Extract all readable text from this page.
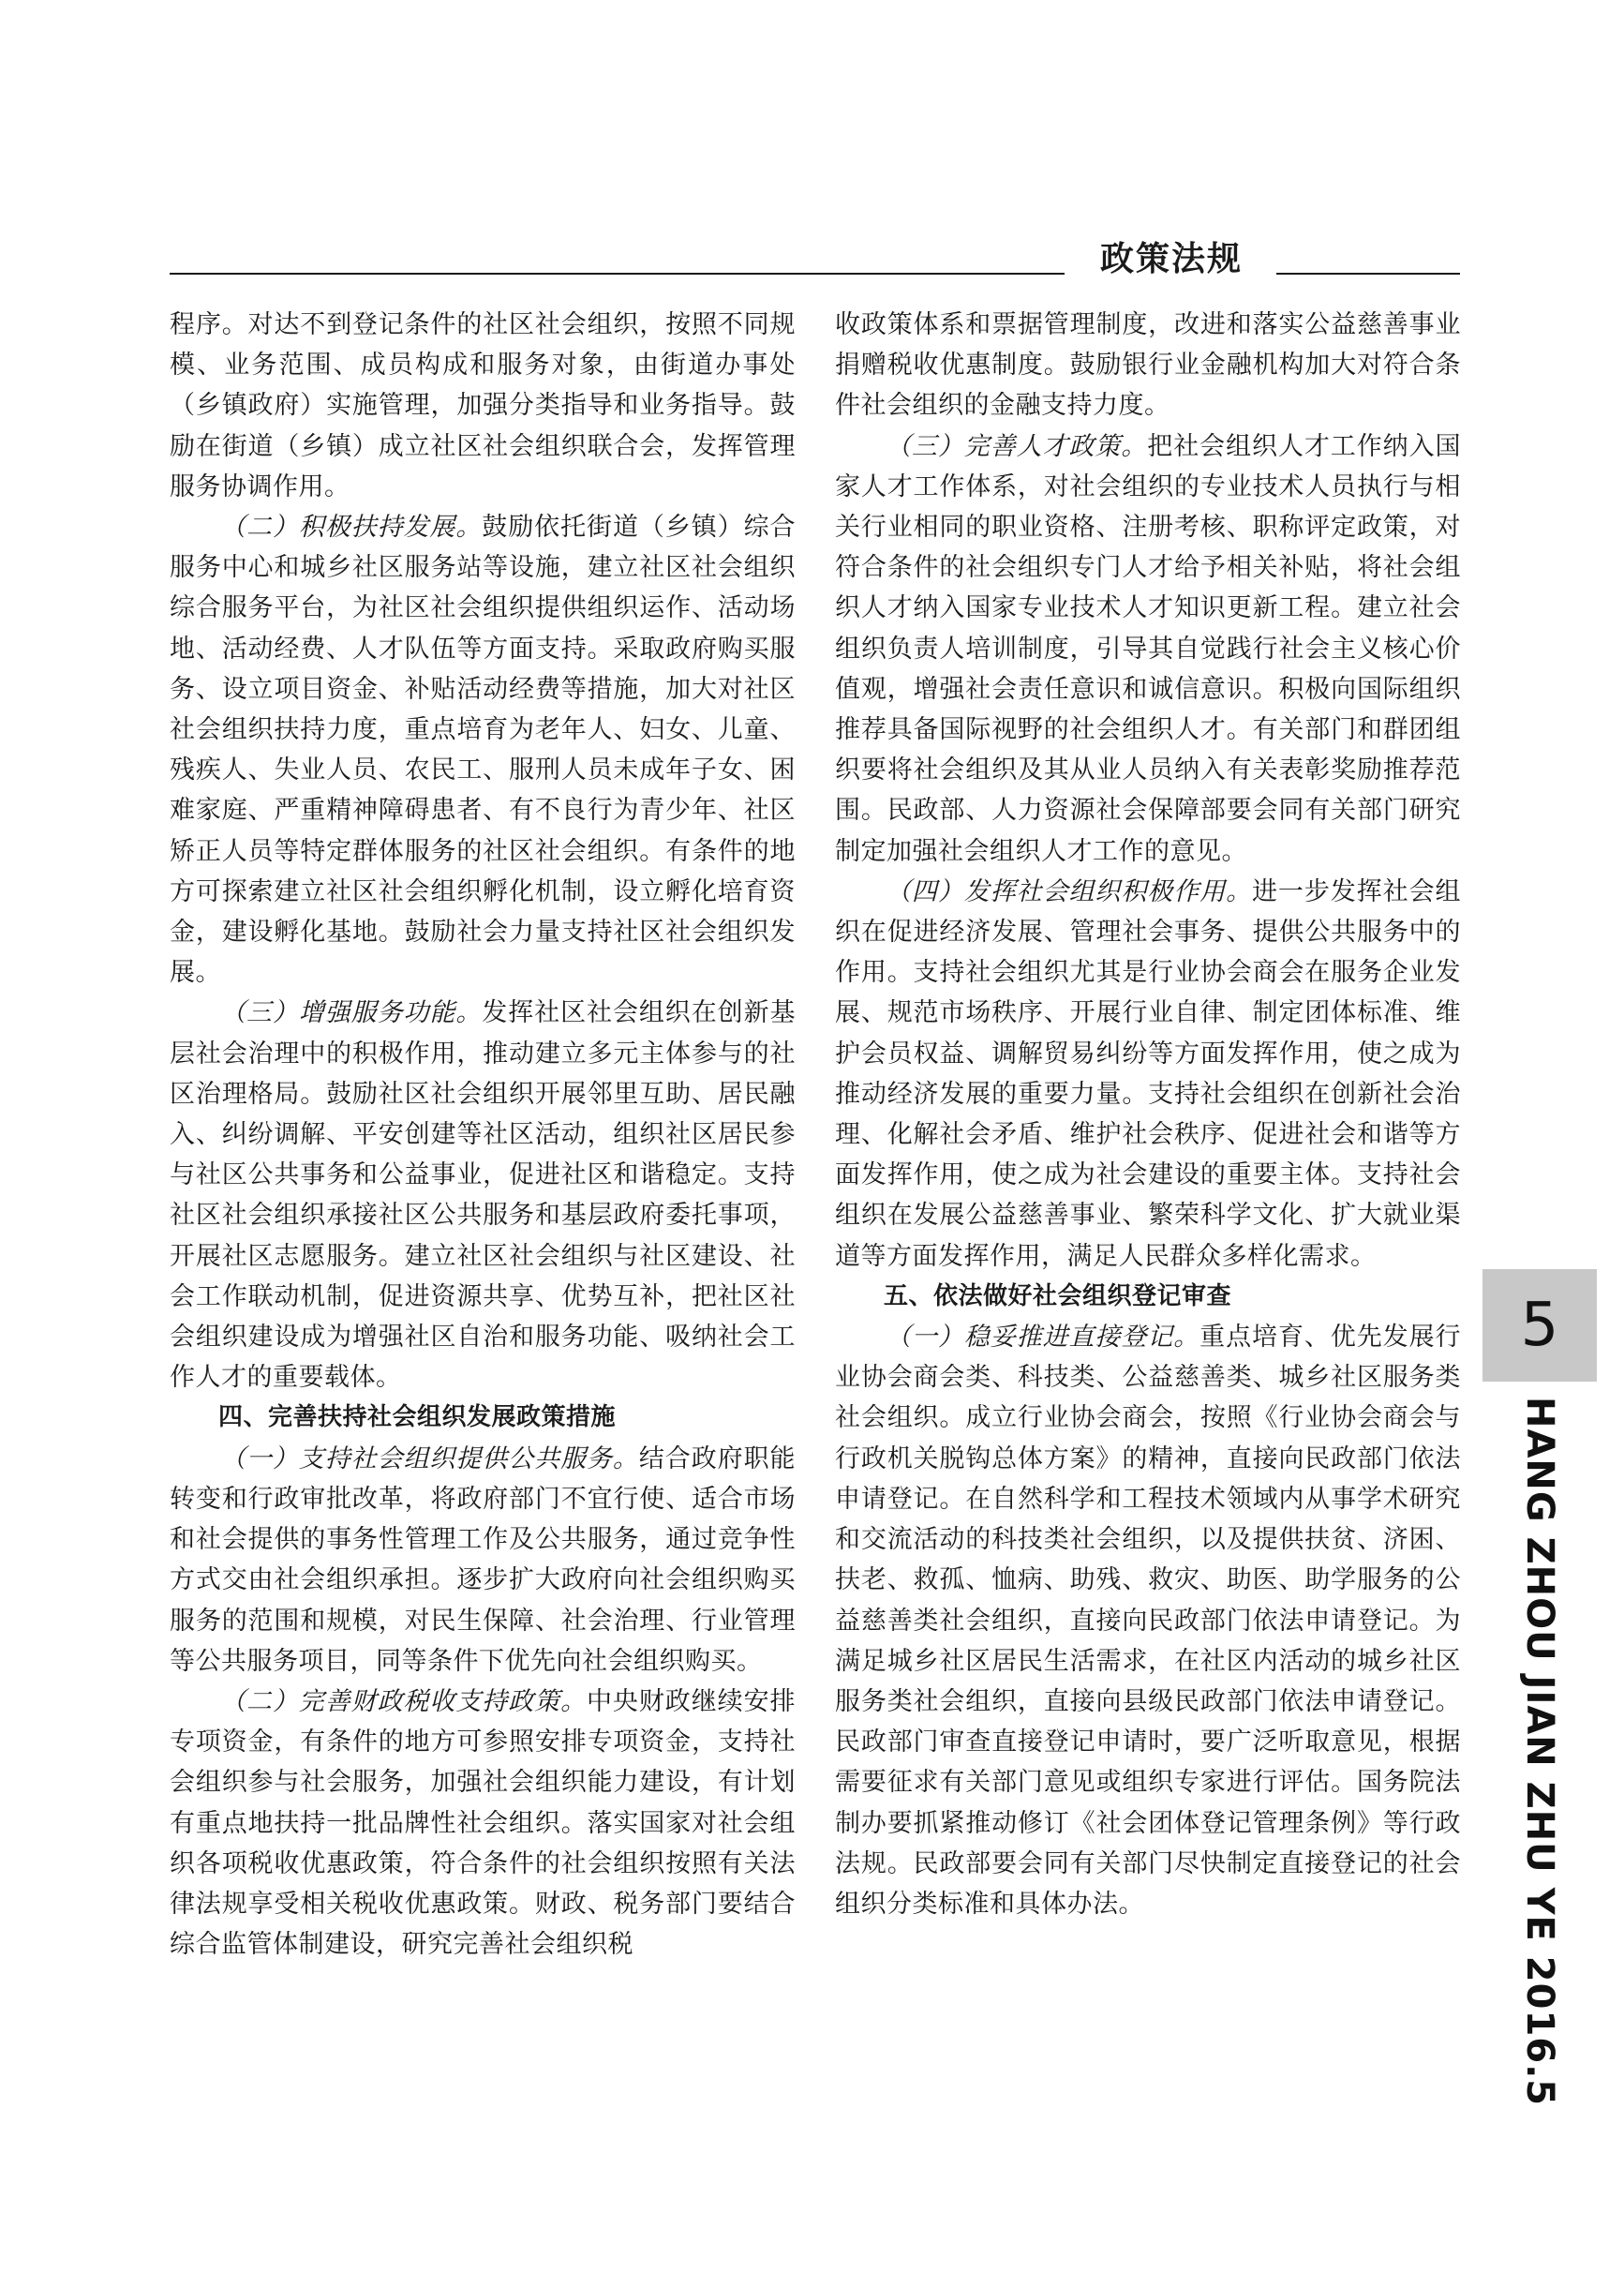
政策法规

程序。对达不到登记条件的社区社会组织，按照不同规模、业务范围、成员构成和服务对象，由街道办事处（乡镇政府）实施管理，加强分类指导和业务指导。鼓励在街道（乡镇）成立社区社会组织联合会，发挥管理服务协调作用。

（二）积极扶持发展。鼓励依托街道（乡镇）综合服务中心和城乡社区服务站等设施，建立社区社会组织综合服务平台，为社区社会组织提供组织运作、活动场地、活动经费、人才队伍等方面支持。采取政府购买服务、设立项目资金、补贴活动经费等措施，加大对社区社会组织扶持力度，重点培育为老年人、妇女、儿童、残疾人、失业人员、农民工、服刑人员未成年子女、困难家庭、严重精神障碍患者、有不良行为青少年、社区矫正人员等特定群体服务的社区社会组织。有条件的地方可探索建立社区社会组织孵化机制，设立孵化培育资金，建设孵化基地。鼓励社会力量支持社区社会组织发展。

（三）增强服务功能。发挥社区社会组织在创新基层社会治理中的积极作用，推动建立多元主体参与的社区治理格局。鼓励社区社会组织开展邻里互助、居民融入、纠纷调解、平安创建等社区活动，组织社区居民参与社区公共事务和公益事业，促进社区和谐稳定。支持社区社会组织承接社区公共服务和基层政府委托事项，开展社区志愿服务。建立社区社会组织与社区建设、社会工作联动机制，促进资源共享、优势互补，把社区社会组织建设成为增强社区自治和服务功能、吸纳社会工作人才的重要载体。

四、完善扶持社会组织发展政策措施

（一）支持社会组织提供公共服务。结合政府职能转变和行政审批改革，将政府部门不宜行使、适合市场和社会提供的事务性管理工作及公共服务，通过竞争性方式交由社会组织承担。逐步扩大政府向社会组织购买服务的范围和规模，对民生保障、社会治理、行业管理等公共服务项目，同等条件下优先向社会组织购买。

（二）完善财政税收支持政策。中央财政继续安排专项资金，有条件的地方可参照安排专项资金，支持社会组织参与社会服务，加强社会组织能力建设，有计划有重点地扶持一批品牌性社会组织。落实国家对社会组织各项税收优惠政策，符合条件的社会组织按照有关法律法规享受相关税收优惠政策。财政、税务部门要结合综合监管体制建设，研究完善社会组织税

收政策体系和票据管理制度，改进和落实公益慈善事业捐赠税收优惠制度。鼓励银行业金融机构加大对符合条件社会组织的金融支持力度。

（三）完善人才政策。把社会组织人才工作纳入国家人才工作体系，对社会组织的专业技术人员执行与相关行业相同的职业资格、注册考核、职称评定政策，对符合条件的社会组织专门人才给予相关补贴，将社会组织人才纳入国家专业技术人才知识更新工程。建立社会组织负责人培训制度，引导其自觉践行社会主义核心价值观，增强社会责任意识和诚信意识。积极向国际组织推荐具备国际视野的社会组织人才。有关部门和群团组织要将社会组织及其从业人员纳入有关表彰奖励推荐范围。民政部、人力资源社会保障部要会同有关部门研究制定加强社会组织人才工作的意见。

（四）发挥社会组织积极作用。进一步发挥社会组织在促进经济发展、管理社会事务、提供公共服务中的作用。支持社会组织尤其是行业协会商会在服务企业发展、规范市场秩序、开展行业自律、制定团体标准、维护会员权益、调解贸易纠纷等方面发挥作用，使之成为推动经济发展的重要力量。支持社会组织在创新社会治理、化解社会矛盾、维护社会秩序、促进社会和谐等方面发挥作用，使之成为社会建设的重要主体。支持社会组织在发展公益慈善事业、繁荣科学文化、扩大就业渠道等方面发挥作用，满足人民群众多样化需求。

五、依法做好社会组织登记审查

（一）稳妥推进直接登记。重点培育、优先发展行业协会商会类、科技类、公益慈善类、城乡社区服务类社会组织。成立行业协会商会，按照《行业协会商会与行政机关脱钩总体方案》的精神，直接向民政部门依法申请登记。在自然科学和工程技术领域内从事学术研究和交流活动的科技类社会组织，以及提供扶贫、济困、扶老、救孤、恤病、助残、救灾、助医、助学服务的公益慈善类社会组织，直接向民政部门依法申请登记。为满足城乡社区居民生活需求，在社区内活动的城乡社区服务类社会组织，直接向县级民政部门依法申请登记。民政部门审查直接登记申请时，要广泛听取意见，根据需要征求有关部门意见或组织专家进行评估。国务院法制办要抓紧推动修订《社会团体登记管理条例》等行政法规。民政部要会同有关部门尽快制定直接登记的社会组织分类标准和具体办法。

5
HANG ZHOU JIAN ZHU YE 2016.5
